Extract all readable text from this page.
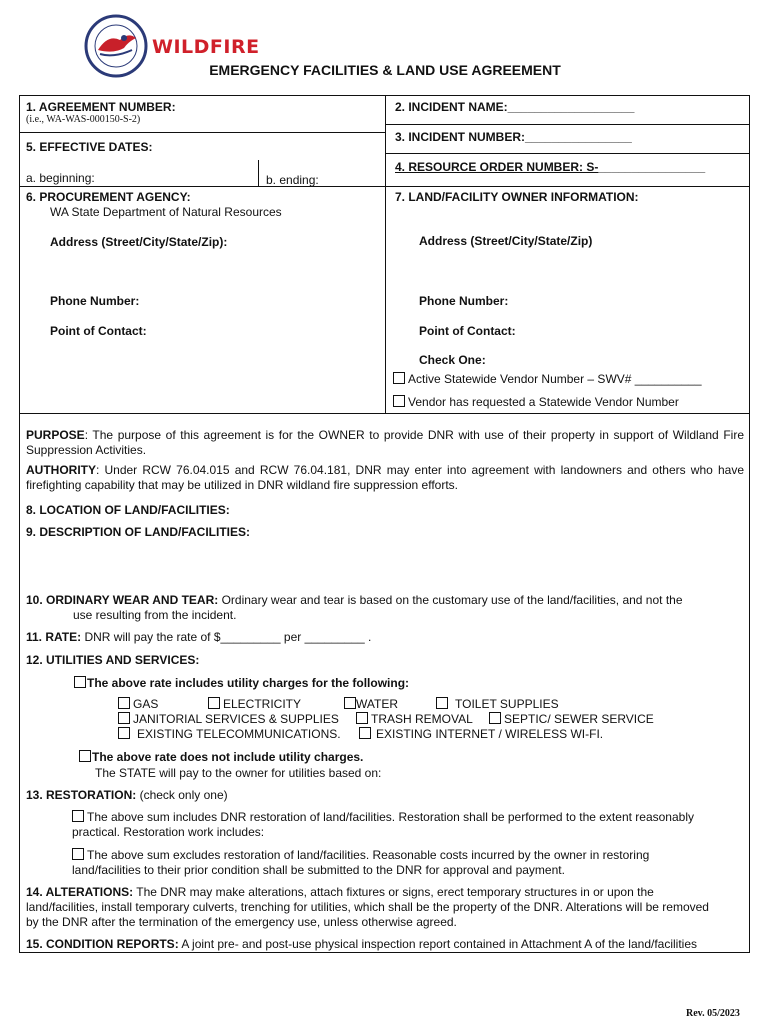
WILDFIRE
EMERGENCY FACILITIES & LAND USE AGREEMENT
1. AGREEMENT NUMBER:
(i.e., WA-WAS-000150-S-2)
2. INCIDENT NAME:___________________
3. INCIDENT NUMBER:________________
4. RESOURCE ORDER NUMBER: S-________________
5. EFFECTIVE DATES:
a. beginning:	b. ending:
6. PROCUREMENT AGENCY:
WA State Department of Natural Resources
Address (Street/City/State/Zip):
Phone Number:
Point of Contact:
7. LAND/FACILITY OWNER INFORMATION:
Address (Street/City/State/Zip)
Phone Number:
Point of Contact:
Check One:
Active Statewide Vendor Number – SWV# __________
Vendor has requested a Statewide Vendor Number
PURPOSE: The purpose of this agreement is for the OWNER to provide DNR with use of their property in support of Wildland Fire Suppression Activities.
AUTHORITY: Under RCW 76.04.015 and RCW 76.04.181, DNR may enter into agreement with landowners and others who have firefighting capability that may be utilized in DNR wildland fire suppression efforts.
8. LOCATION OF LAND/FACILITIES:
9. DESCRIPTION OF LAND/FACILITIES:
10. ORDINARY WEAR AND TEAR: Ordinary wear and tear is based on the customary use of the land/facilities, and not the
use resulting from the incident.
11. RATE: DNR will pay the rate of $_________ per _________ .
12. UTILITIES AND SERVICES:
The above rate includes utility charges for the following:
GAS	ELECTRICITY	WATER	TOILET SUPPLIES
JANITORIAL SERVICES & SUPPLIES	TRASH REMOVAL	SEPTIC/ SEWER SERVICE
EXISTING TELECOMMUNICATIONS.	EXISTING INTERNET / WIRELESS WI-FI.
The above rate does not include utility charges.
The STATE will pay to the owner for utilities based on:
13. RESTORATION: (check only one)
The above sum includes DNR restoration of land/facilities. Restoration shall be performed to the extent reasonably practical. Restoration work includes:
The above sum excludes restoration of land/facilities. Reasonable costs incurred by the owner in restoring land/facilities to their prior condition shall be submitted to the DNR for approval and payment.
14. ALTERATIONS: The DNR may make alterations, attach fixtures or signs, erect temporary structures in or upon the land/facilities, install temporary culverts, trenching for utilities, which shall be the property of the DNR. Alterations will be removed by the DNR after the termination of the emergency use, unless otherwise agreed.
15. CONDITION REPORTS: A joint pre- and post-use physical inspection report contained in Attachment A of the land/facilities
Rev. 05/2023
